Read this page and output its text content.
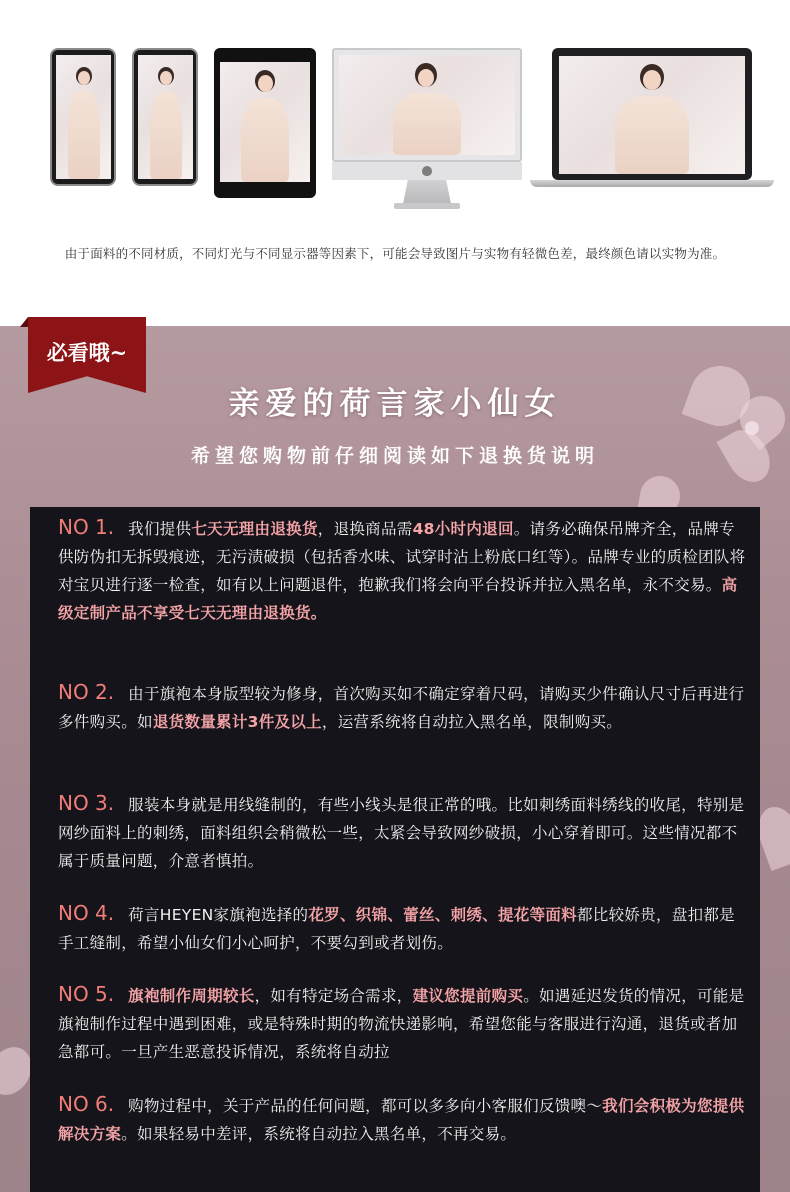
由于面料的不同材质，不同灯光与不同显示器等因素下，可能会导致图片与实物有轻微色差，最终颜色请以实物为准。
必看哦~
亲爱的荷言家小仙女
希望您购物前仔细阅读如下退换货说明
NO 1. 我们提供七天无理由退换货，退换商品需48小时内退回。请务必确保吊牌齐全，品牌专供防伪扣无拆毁痕迹，无污渍破损（包括香水味、试穿时沾上粉底口红等）。品牌专业的质检团队将对宝贝进行逐一检查，如有以上问题退件，抱歉我们将会向平台投诉并拉入黑名单，永不交易。高级定制产品不享受七天无理由退换货。
NO 2. 由于旗袍本身版型较为修身，首次购买如不确定穿着尺码，请购买少件确认尺寸后再进行多件购买。如退货数量累计3件及以上，运营系统将自动拉入黑名单，限制购买。
NO 3. 服装本身就是用线缝制的，有些小线头是很正常的哦。比如刺绣面料绣线的收尾，特别是网纱面料上的刺绣，面料组织会稍微松一些，太紧会导致网纱破损，小心穿着即可。这些情况都不属于质量问题，介意者慎拍。
NO 4. 荷言HEYEN家旗袍选择的花罗、织锦、蕾丝、刺绣、提花等面料都比较娇贵，盘扣都是手工缝制，希望小仙女们小心呵护，不要勾到或者划伤。
NO 5. 旗袍制作周期较长，如有特定场合需求，建议您提前购买。如遇延迟发货的情况，可能是旗袍制作过程中遇到困难，或是特殊时期的物流快递影响，希望您能与客服进行沟通，退货或者加急都可。一旦产生恶意投诉情况，系统将自动拉
NO 6. 购物过程中，关于产品的任何问题，都可以多多向小客服们反馈噢～我们会积极为您提供解决方案。如果轻易中差评，系统将自动拉入黑名单，不再交易。
